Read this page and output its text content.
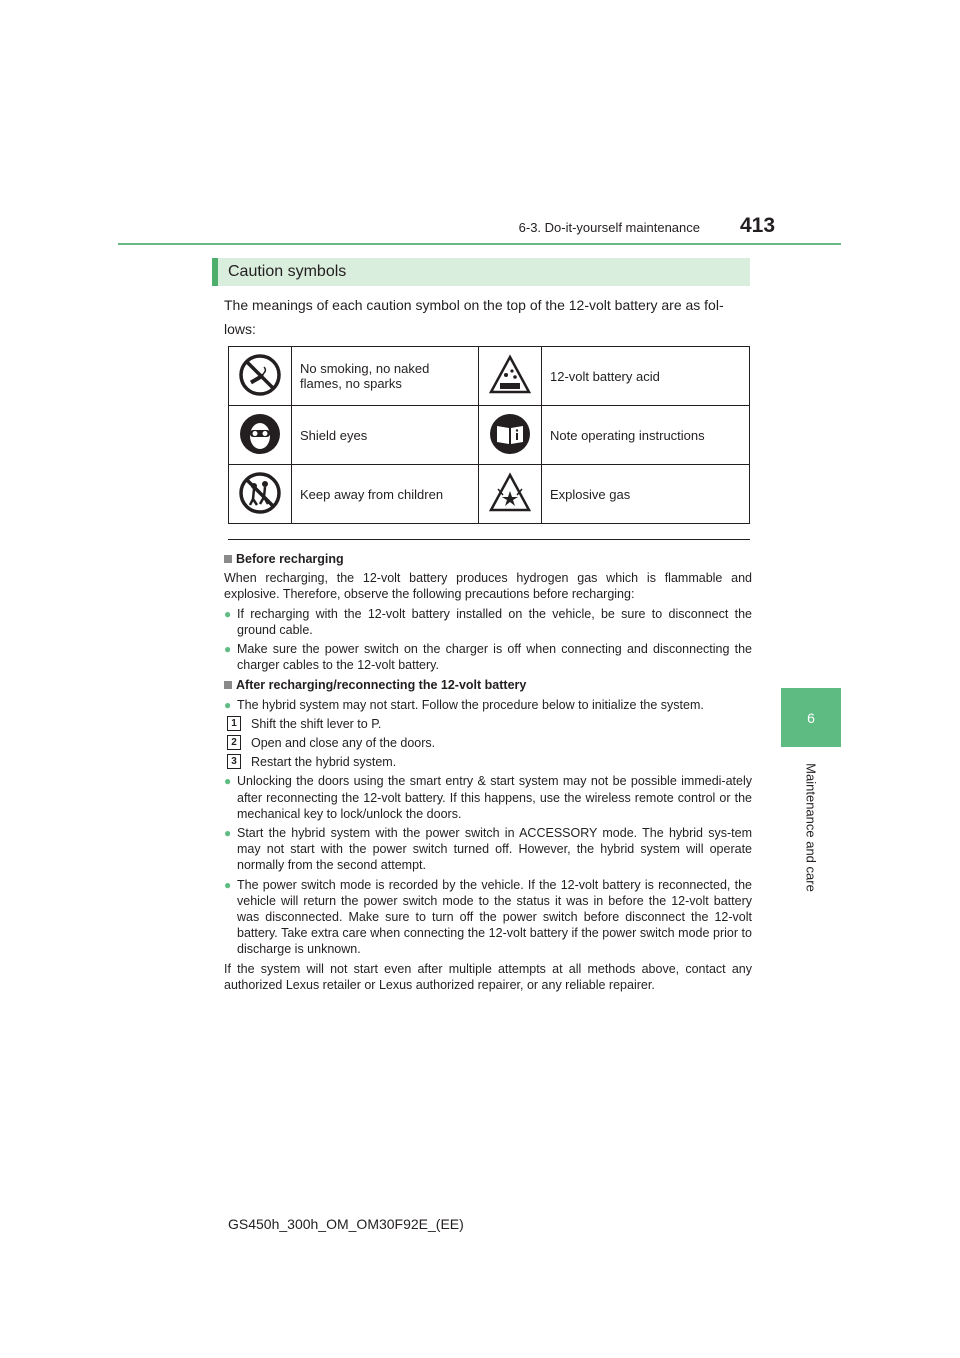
6-3. Do-it-yourself maintenance 413
6
Maintenance and care
Caution symbols
The meanings of each caution symbol on the top of the 12-volt battery are as fol-lows:
	No smoking, no naked flames, no sparks		12-volt battery acid
	Shield eyes		Note operating instructions
	Keep away from children		Explosive gas
Before recharging
When recharging, the 12-volt battery produces hydrogen gas which is flammable and explosive. Therefore, observe the following precautions before recharging:
● If recharging with the 12-volt battery installed on the vehicle, be sure to disconnect the ground cable.
● Make sure the power switch on the charger is off when connecting and disconnecting the charger cables to the 12-volt battery.
After recharging/reconnecting the 12-volt battery
● The hybrid system may not start. Follow the procedure below to initialize the system.
1	Shift the shift lever to P.
2	Open and close any of the doors.
3	Restart the hybrid system.
● Unlocking the doors using the smart entry & start system may not be possible immedi-ately after reconnecting the 12-volt battery. If this happens, use the wireless remote control or the mechanical key to lock/unlock the doors.
● Start the hybrid system with the power switch in ACCESSORY mode. The hybrid sys-tem may not start with the power switch turned off. However, the hybrid system will operate normally from the second attempt.
● The power switch mode is recorded by the vehicle. If the 12-volt battery is reconnected, the vehicle will return the power switch mode to the status it was in before the 12-volt battery was disconnected. Make sure to turn off the power switch before disconnect the 12-volt battery. Take extra care when connecting the 12-volt battery if the power switch mode prior to discharge is unknown.
If the system will not start even after multiple attempts at all methods above, contact any authorized Lexus retailer or Lexus authorized repairer, or any reliable repairer.
GS450h_300h_OM_OM30F92E_(EE)
